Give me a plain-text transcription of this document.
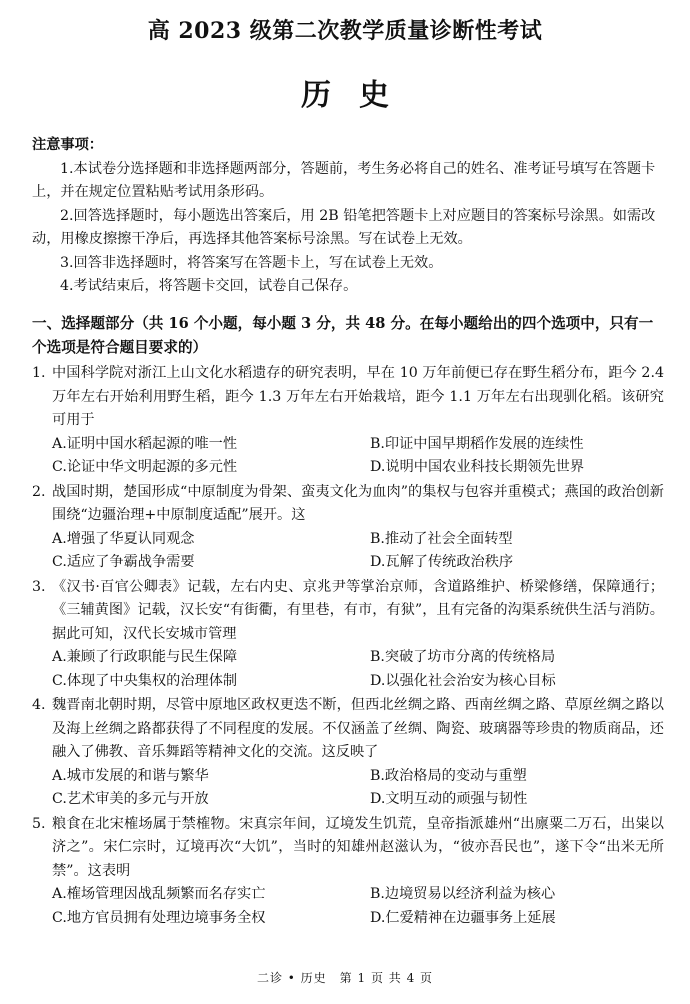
高 2023 级第二次教学质量诊断性考试
历史
注意事项：

1.本试卷分选择题和非选择题两部分，答题前，考生务必将自己的姓名、准考证号填写在答题卡上，并在规定位置粘贴考试用条形码。

2.回答选择题时，每小题选出答案后，用 2B 铅笔把答题卡上对应题目的答案标号涂黑。如需改动，用橡皮擦擦干净后，再选择其他答案标号涂黑。写在试卷上无效。

3.回答非选择题时，将答案写在答题卡上，写在试卷上无效。

4.考试结束后，将答题卡交回，试卷自己保存。

一、选择题部分（共 16 个小题，每小题 3 分，共 48 分。在每小题给出的四个选项中，只有一个选项是符合题目要求的）
1. 中国科学院对浙江上山文化水稻遗存的研究表明，早在 10 万年前便已存在野生稻分布，距今 2.4 万年左右开始利用野生稻，距今 1.3 万年左右开始栽培，距今 1.1 万年左右出现驯化稻。该研究可用于
A.证明中国水稻起源的唯一性	B.印证中国早期稻作发展的连续性
C.论证中华文明起源的多元性	D.说明中国农业科技长期领先世界
2. 战国时期，楚国形成“中原制度为骨架、蛮夷文化为血肉”的集权与包容并重模式；燕国的政治创新围绕“边疆治理+中原制度适配”展开。这
A.增强了华夏认同观念	B.推动了社会全面转型
C.适应了争霸战争需要	D.瓦解了传统政治秩序
3. 《汉书·百官公卿表》记载，左右内史、京兆尹等掌治京师，含道路维护、桥梁修缮，保障通行；《三辅黄图》记载，汉长安“有街衢，有里巷，有市，有狱”，且有完备的沟渠系统供生活与消防。据此可知，汉代长安城市管理
A.兼顾了行政职能与民生保障	B.突破了坊市分离的传统格局
C.体现了中央集权的治理体制	D.以强化社会治安为核心目标
4. 魏晋南北朝时期，尽管中原地区政权更迭不断，但西北丝绸之路、西南丝绸之路、草原丝绸之路以及海上丝绸之路都获得了不同程度的发展。不仅涵盖了丝绸、陶瓷、玻璃器等珍贵的物质商品，还融入了佛教、音乐舞蹈等精神文化的交流。这反映了
A.城市发展的和谐与繁华	B.政治格局的变动与重塑
C.艺术审美的多元与开放	D.文明互动的顽强与韧性
5. 粮食在北宋榷场属于禁榷物。宋真宗年间，辽境发生饥荒，皇帝指派雄州“出廪粟二万石，出粜以济之”。宋仁宗时，辽境再次“大饥”，当时的知雄州赵滋认为，“彼亦吾民也”，遂下令“出米无所禁”。这表明
A.榷场管理因战乱频繁而名存实亡	B.边境贸易以经济利益为核心
C.地方官员拥有处理边境事务全权	D.仁爱精神在边疆事务上延展
二诊 • 历史　第 1 页 共 4 页
